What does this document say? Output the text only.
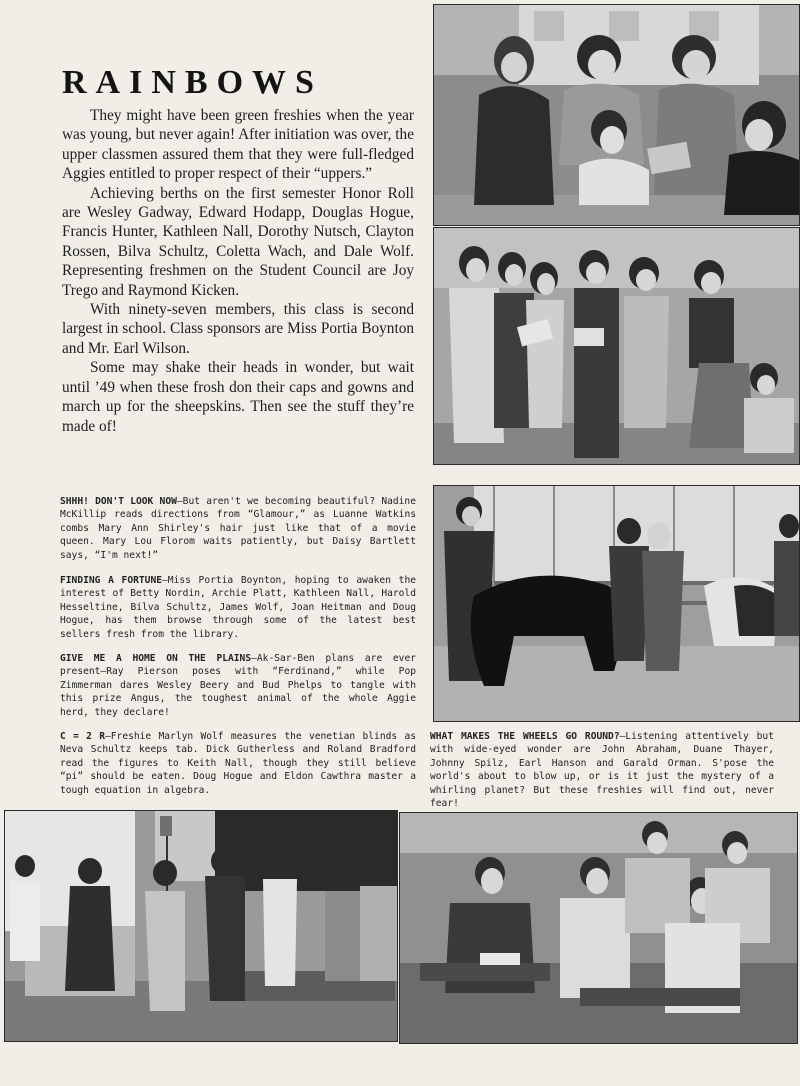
RAINBOWS

They might have been green freshies when the year was young, but never again! After initiation was over, the upper classmen assured them that they were full-fledged Aggies entitled to proper respect of their “uppers.”

Achieving berths on the first semester Honor Roll are Wesley Gadway, Edward Hodapp, Douglas Hogue, Francis Hunter, Kathleen Nall, Dorothy Nutsch, Clayton Rossen, Bilva Schultz, Coletta Wach, and Dale Wolf. Representing freshmen on the Student Council are Joy Trego and Raymond Kicken.

With ninety-seven members, this class is second largest in school. Class sponsors are Miss Portia Boynton and Mr. Earl Wilson.

Some may shake their heads in wonder, but wait until ’49 when these frosh don their caps and gowns and march up for the sheepskins. Then see the stuff they’re made of!

SHHH! DON'T LOOK NOW—But aren't we becoming beautiful? Nadine McKillip reads directions from “Glamour,” as Luanne Watkins combs Mary Ann Shirley's hair just like that of a movie queen. Mary Lou Florom waits patiently, but Daisy Bartlett says, “I'm next!”
FINDING A FORTUNE—Miss Portia Boynton, hoping to awaken the interest of Betty Nordin, Archie Platt, Kathleen Nall, Harold Hesseltine, Bilva Schultz, James Wolf, Joan Heitman and Doug Hogue, has them browse through some of the latest best sellers fresh from the library.
GIVE ME A HOME ON THE PLAINS—Ak-Sar-Ben plans are ever present—Ray Pierson poses with “Ferdinand,” while Pop Zimmerman dares Wesley Beery and Bud Phelps to tangle with this prize Angus, the toughest animal of the whole Aggie herd, they declare!
C = 2 R—Freshie Marlyn Wolf measures the venetian blinds as Neva Schultz keeps tab. Dick Gutherless and Roland Bradford read the figures to Keith Nall, though they still believe “pi” should be eaten. Doug Hogue and Eldon Cawthra master a tough equation in algebra.
WHAT MAKES THE WHEELS GO ROUND?—Listening attentively but with wide-eyed wonder are John Abraham, Duane Thayer, Johnny Spilz, Earl Hanson and Garald Orman. S'pose the world's about to blow up, or is it just the mystery of a whirling planet? But these freshies will find out, never fear!
